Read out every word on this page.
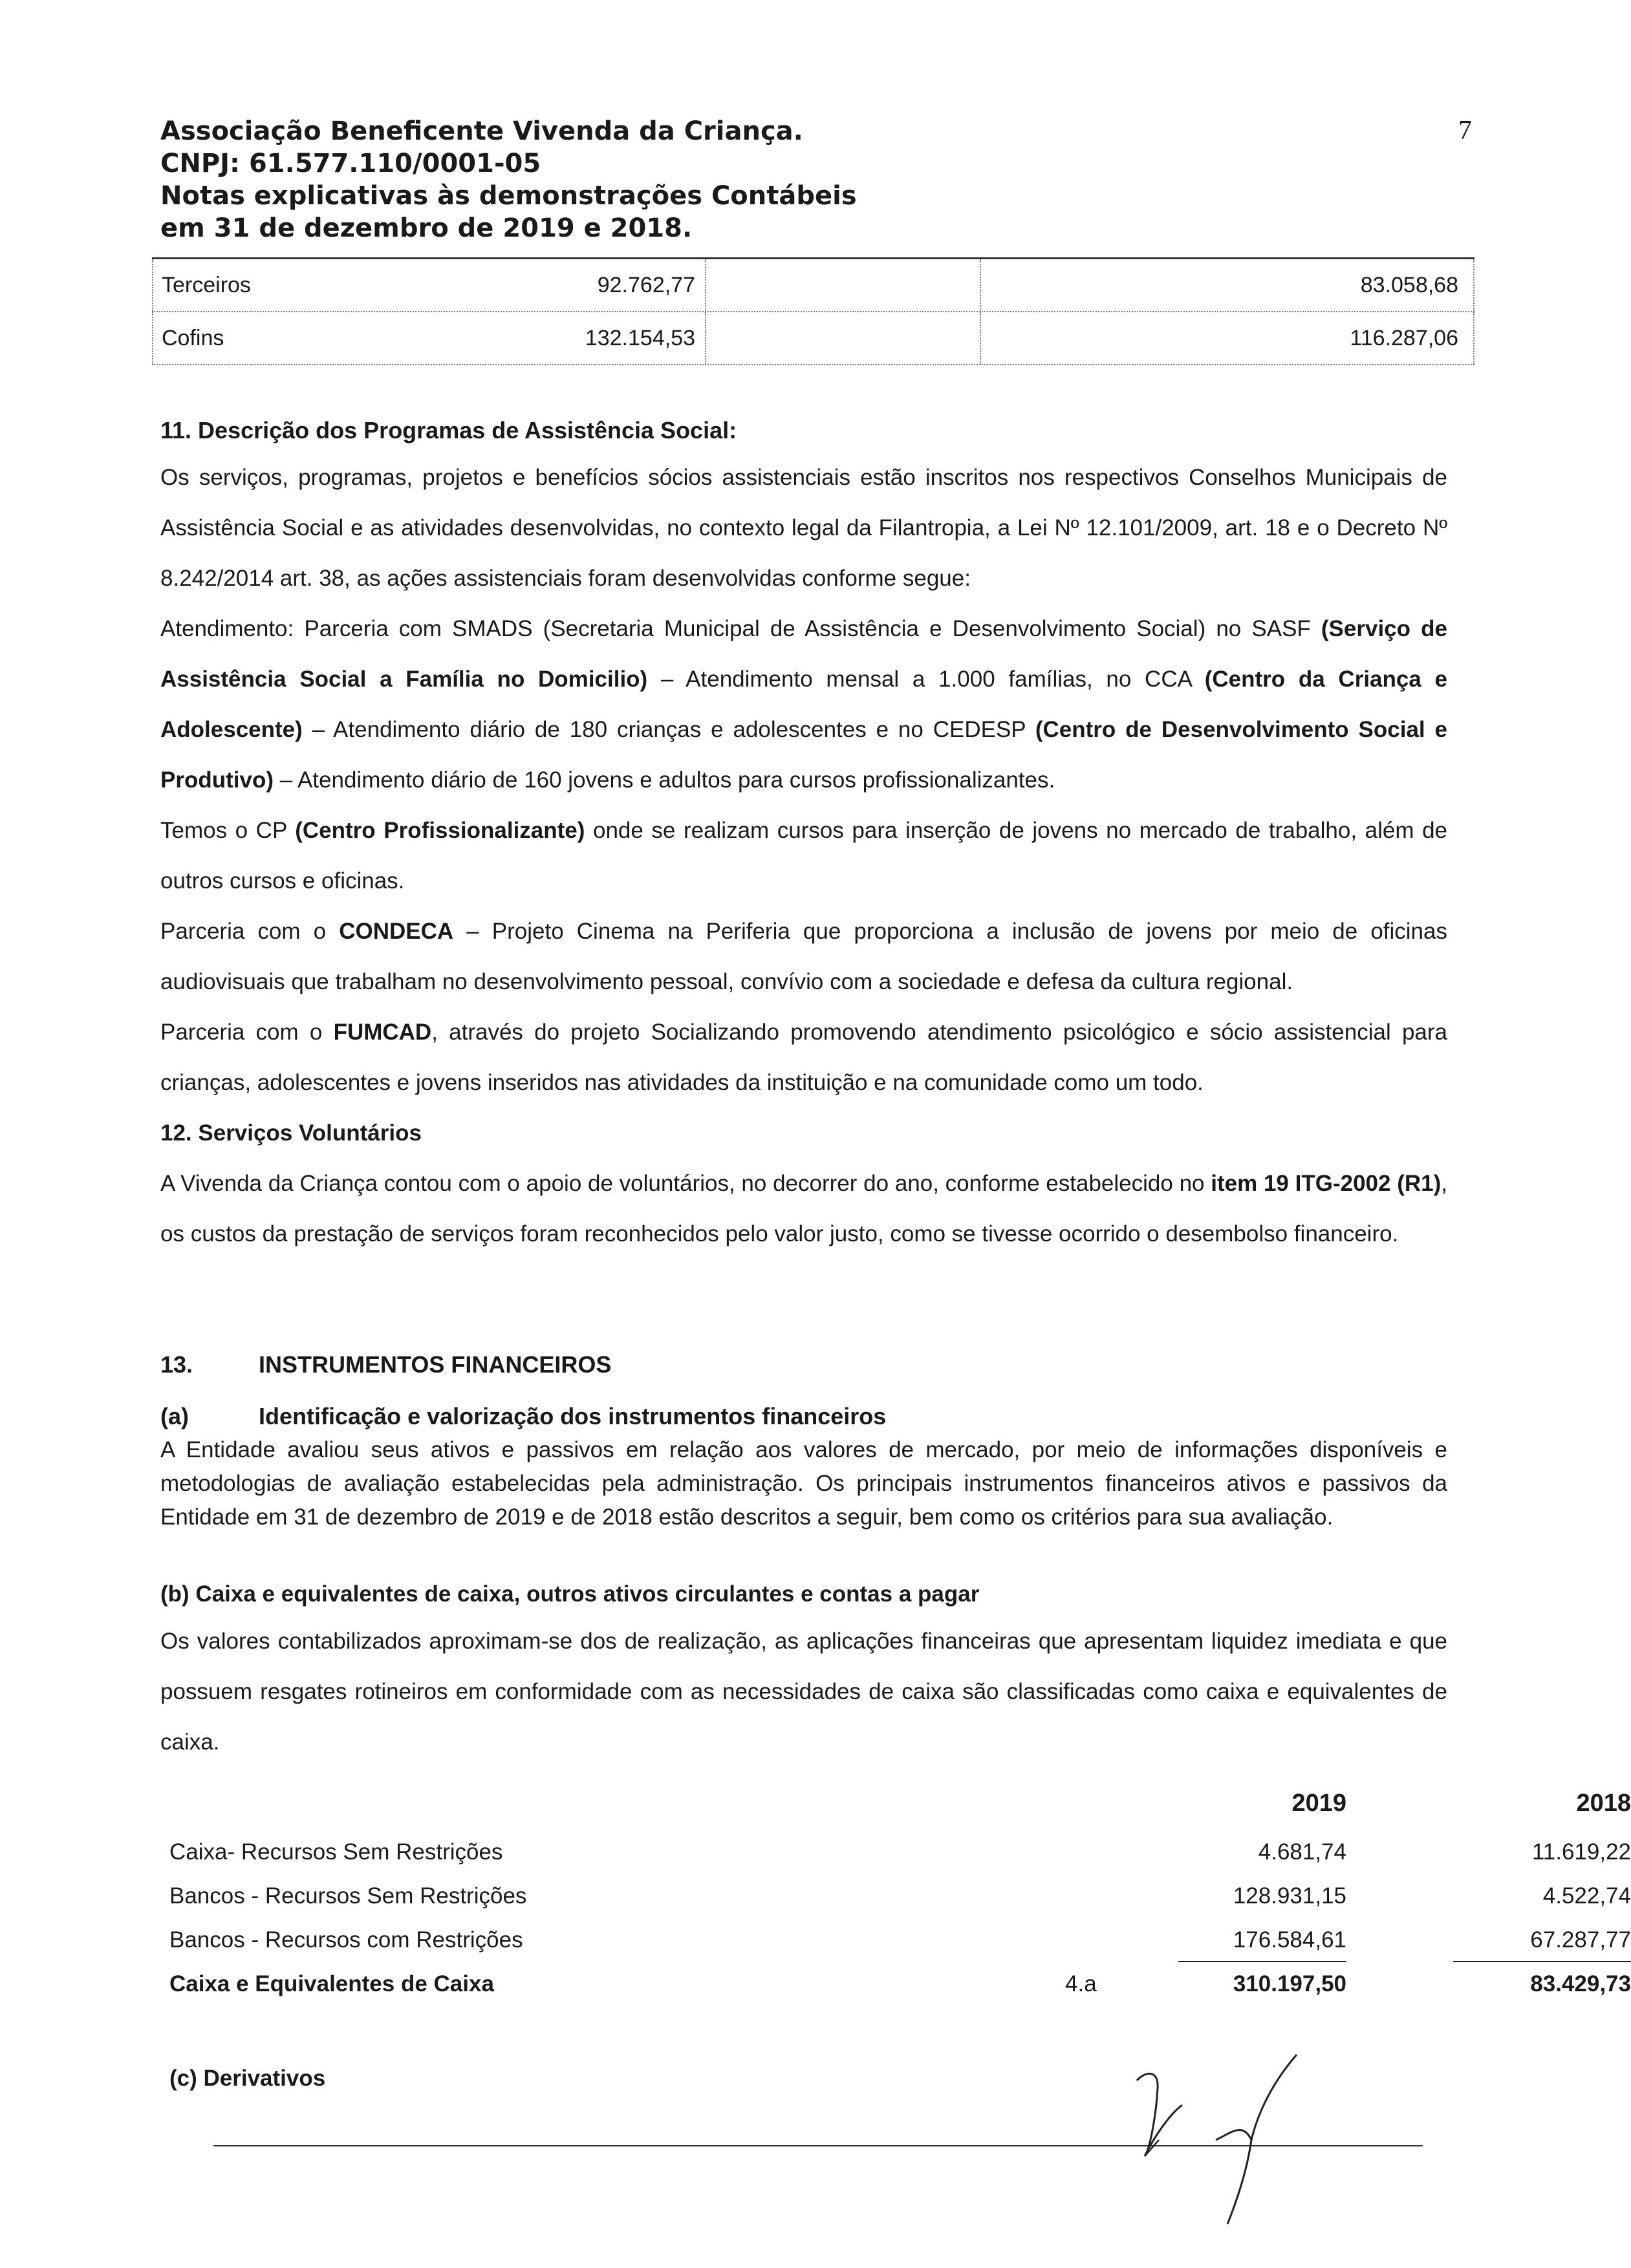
Associação Beneficente Vivenda da Criança.
CNPJ: 61.577.110/0001-05
Notas explicativas às demonstrações Contábeis
em 31 de dezembro de 2019 e 2018.
7
Terceiros	92.762,77	83.058,68
Cofins	132.154,53	116.287,06
11. Descrição dos Programas de Assistência Social:

Os serviços, programas, projetos e benefícios sócios assistenciais estão inscritos nos respectivos Conselhos Municipais de Assistência Social e as atividades desenvolvidas, no contexto legal da Filantropia, a Lei Nº 12.101/2009, art. 18 e o Decreto Nº 8.242/2014 art. 38, as ações assistenciais foram desenvolvidas conforme segue:

Atendimento: Parceria com SMADS (Secretaria Municipal de Assistência e Desenvolvimento Social) no SASF (Serviço de Assistência Social a Família no Domicilio) – Atendimento mensal a 1.000 famílias, no CCA (Centro da Criança e Adolescente) – Atendimento diário de 180 crianças e adolescentes e no CEDESP (Centro de Desenvolvimento Social e Produtivo) – Atendimento diário de 160 jovens e adultos para cursos profissionalizantes.

Temos o CP (Centro Profissionalizante) onde se realizam cursos para inserção de jovens no mercado de trabalho, além de outros cursos e oficinas.

Parceria com o CONDECA – Projeto Cinema na Periferia que proporciona a inclusão de jovens por meio de oficinas audiovisuais que trabalham no desenvolvimento pessoal, convívio com a sociedade e defesa da cultura regional.

Parceria com o FUMCAD, através do projeto Socializando promovendo atendimento psicológico e sócio assistencial para crianças, adolescentes e jovens inseridos nas atividades da instituição e na comunidade como um todo.

12. Serviços Voluntários

A Vivenda da Criança contou com o apoio de voluntários, no decorrer do ano, conforme estabelecido no item 19 ITG-2002 (R1), os custos da prestação de serviços foram reconhecidos pelo valor justo, como se tivesse ocorrido o desembolso financeiro.

13.	INSTRUMENTOS FINANCEIROS
(a)	Identificação e valorização dos instrumentos financeiros
A Entidade avaliou seus ativos e passivos em relação aos valores de mercado, por meio de informações disponíveis e metodologias de avaliação estabelecidas pela administração. Os principais instrumentos financeiros ativos e passivos da Entidade em 31 de dezembro de 2019 e de 2018 estão descritos a seguir, bem como os critérios para sua avaliação.
(b) Caixa e equivalentes de caixa, outros ativos circulantes e contas a pagar
Os valores contabilizados aproximam-se dos de realização, as aplicações financeiras que apresentam liquidez imediata e que possuem resgates rotineiros em conformidade com as necessidades de caixa são classificadas como caixa e equivalentes de caixa.
2019	2018
Caixa- Recursos Sem Restrições	4.681,74	11.619,22
Bancos - Recursos Sem Restrições	128.931,15	4.522,74
Bancos - Recursos com Restrições	176.584,61	67.287,77
Caixa e Equivalentes de Caixa	4.a	310.197,50	83.429,73
(c) Derivativos
